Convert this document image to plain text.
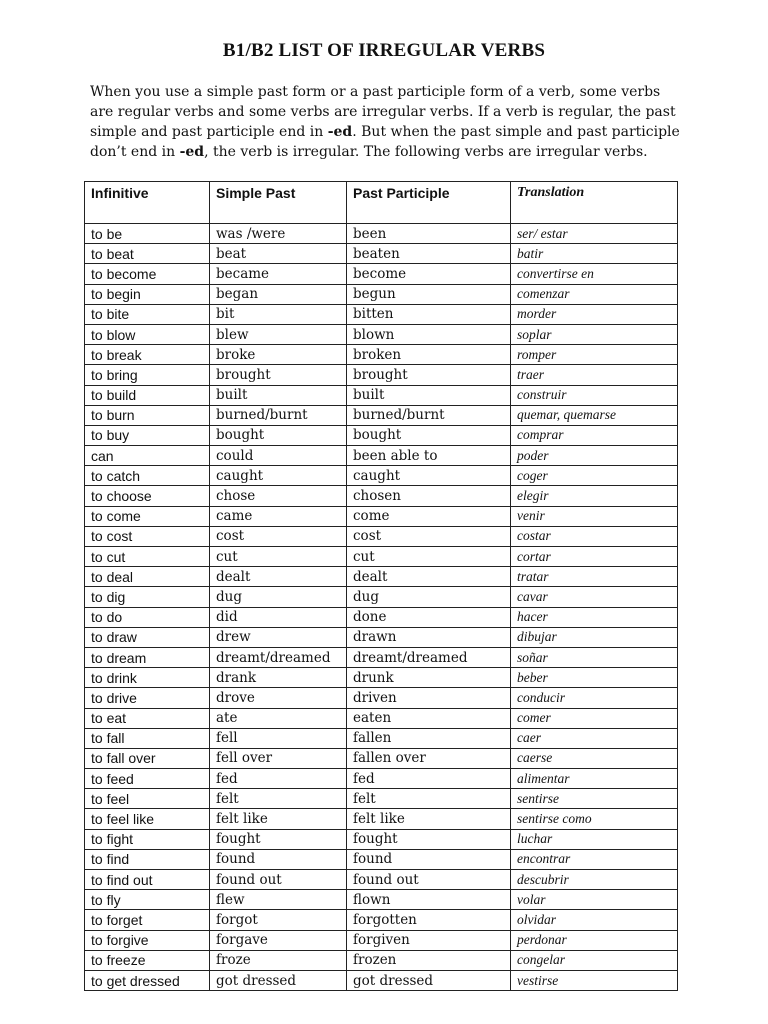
B1/B2 LIST OF IRREGULAR VERBS

When you use a simple past form or a past participle form of a verb, some verbs are regular verbs and some verbs are irregular verbs. If a verb is regular, the past simple and past participle end in -ed. But when the past simple and past participle don’t end in -ed, the verb is irregular. The following verbs are irregular verbs.

Infinitive	Simple Past	Past Participle	Translation
to be	was /were	been	ser/ estar
to beat	beat	beaten	batir
to become	became	become	convertirse en
to begin	began	begun	comenzar
to bite	bit	bitten	morder
to blow	blew	blown	soplar
to break	broke	broken	romper
to bring	brought	brought	traer
to build	built	built	construir
to burn	burned/burnt	burned/burnt	quemar, quemarse
to buy	bought	bought	comprar
can	could	been able to	poder
to catch	caught	caught	coger
to choose	chose	chosen	elegir
to come	came	come	venir
to cost	cost	cost	costar
to cut	cut	cut	cortar
to deal	dealt	dealt	tratar
to dig	dug	dug	cavar
to do	did	done	hacer
to draw	drew	drawn	dibujar
to dream	dreamt/dreamed	dreamt/dreamed	soñar
to drink	drank	drunk	beber
to drive	drove	driven	conducir
to eat	ate	eaten	comer
to fall	fell	fallen	caer
to fall over	fell over	fallen over	caerse
to feed	fed	fed	alimentar
to feel	felt	felt	sentirse
to feel like	felt like	felt like	sentirse como
to fight	fought	fought	luchar
to find	found	found	encontrar
to find out	found out	found out	descubrir
to fly	flew	flown	volar
to forget	forgot	forgotten	olvidar
to forgive	forgave	forgiven	perdonar
to freeze	froze	frozen	congelar
to get dressed	got dressed	got dressed	vestirse
